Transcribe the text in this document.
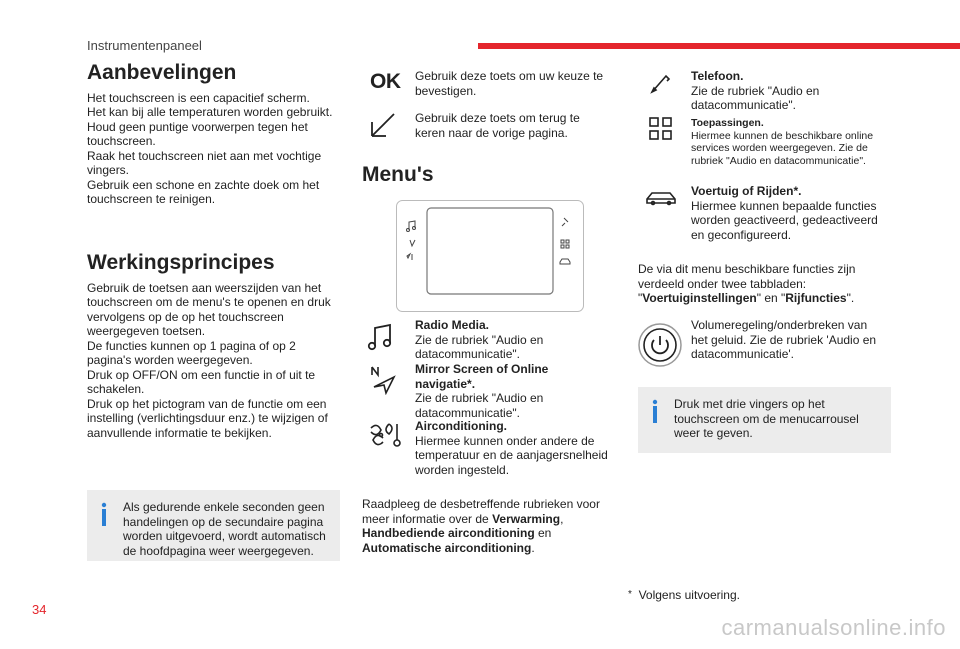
Instrumentenpaneel
Aanbevelingen

Het touchscreen is een capacitief scherm.

Het kan bij alle temperaturen worden gebruikt.

Houd geen puntige voorwerpen tegen het touchscreen.

Raak het touchscreen niet aan met vochtige vingers.

Gebruik een schone en zachte doek om het touchscreen te reinigen.

Werkingsprincipes

Gebruik de toetsen aan weerszijden van het touchscreen om de menu's te openen en druk vervolgens op de op het touchscreen weergegeven toetsen.

De functies kunnen op 1 pagina of op 2 pagina's worden weergegeven.

Druk op OFF/ON om een functie in of uit te schakelen.

Druk op het pictogram van de functie om een instelling (verlichtingsduur enz.) te wijzigen of aanvullende informatie te bekijken.

Als gedurende enkele seconden geen handelingen op de secundaire pagina worden uitgevoerd, wordt automatisch de hoofdpagina weer weergegeven.
OK Gebruik deze toets om uw keuze te bevestigen.
Gebruik deze toets om terug te keren naar de vorige pagina.
Menu's
Radio Media.
Zie de rubriek "Audio en datacommunicatie".
Mirror Screen of Online navigatie*.
Zie de rubriek "Audio en datacommunicatie".
Airconditioning.
Hiermee kunnen onder andere de temperatuur en de aanjagersnelheid worden ingesteld.
Raadpleeg de desbetreffende rubrieken voor meer informatie over de Verwarming, Handbediende airconditioning en Automatische airconditioning.
Telefoon.
Zie de rubriek "Audio en datacommunicatie".
Toepassingen.

Hiermee kunnen de beschikbare online services worden weergegeven. Zie de rubriek "Audio en datacommunicatie".
Voertuig of Rijden*.
Hiermee kunnen bepaalde functies worden geactiveerd, gedeactiveerd en geconfigureerd.
De via dit menu beschikbare functies zijn verdeeld onder twee tabbladen: "Voertuiginstellingen" en "Rijfuncties".
Volumeregeling/onderbreken van het geluid. Zie de rubriek 'Audio en datacommunicatie'.
Druk met drie vingers op het touchscreen om de menucarrousel weer te geven.
* Volgens uitvoering.
34
carmanualsonline.info
